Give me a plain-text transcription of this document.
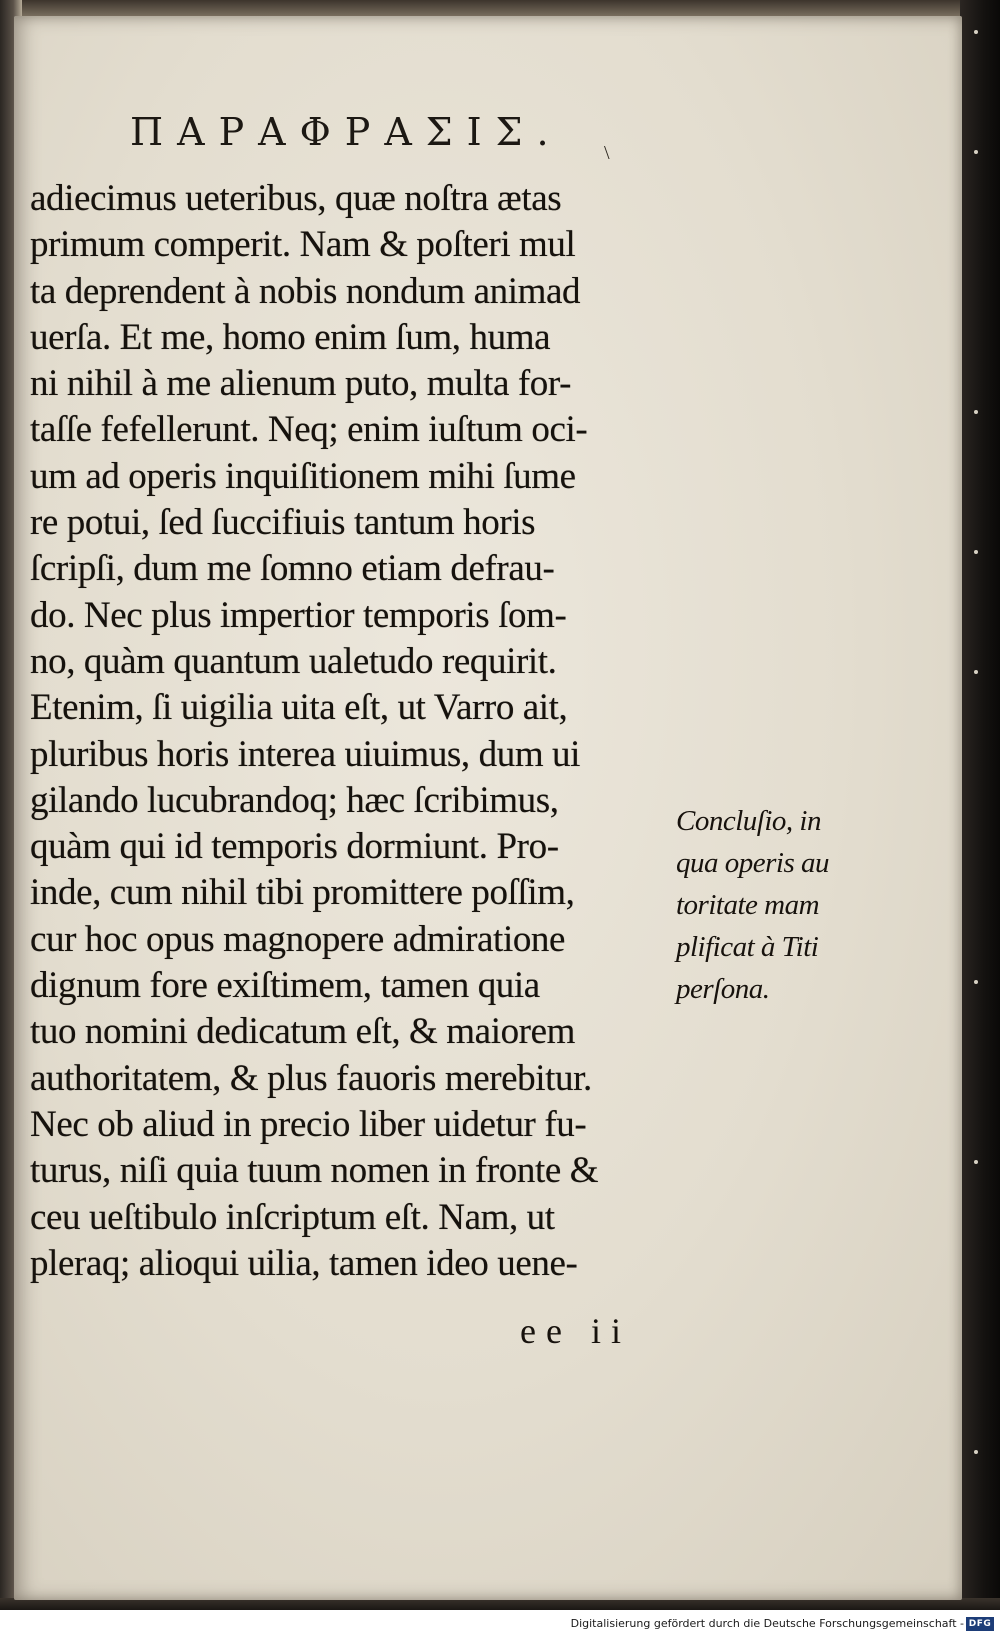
ΠΑΡΑΦΡΑΣΙΣ.	\
adiecimus ueteribus, quæ noſtra ætas
primum comperit. Nam & poſteri mul
ta deprendent à nobis nondum animad
uerſa. Et me, homo enim ſum, huma
ni nihil à me alienum puto, multa for-
taſſe fefellerunt. Neq; enim iuſtum oci-
um ad operis inquiſitionem mihi ſume
re potui, ſed ſuccifiuis tantum horis
ſcripſi, dum me ſomno etiam defrau-
do. Nec plus impertior temporis ſom-
no, quàm quantum ualetudo requirit.
Etenim, ſi uigilia uita eſt, ut Varro ait,
pluribus horis interea uiuimus, dum ui
gilando lucubrandoq; hæc ſcribimus,
quàm qui id temporis dormiunt. Pro-
inde, cum nihil tibi promittere poſſim,
cur hoc opus magnopere admiratione
dignum fore exiſtimem, tamen quia
tuo nomini dedicatum eſt, & maiorem
authoritatem, & plus fauoris merebitur.
Nec ob aliud in precio liber uidetur fu-
turus, niſi quia tuum nomen in fronte &
ceu ueſtibulo inſcriptum eſt. Nam, ut
pleraq; alioqui uilia, tamen ideo uene-
Concluſio, in
qua operis au
toritate mam
plificat à Titi
perſona.
ee ii
Digitalisierung gefördert durch die Deutsche Forschungsgemeinschaft - DFG
